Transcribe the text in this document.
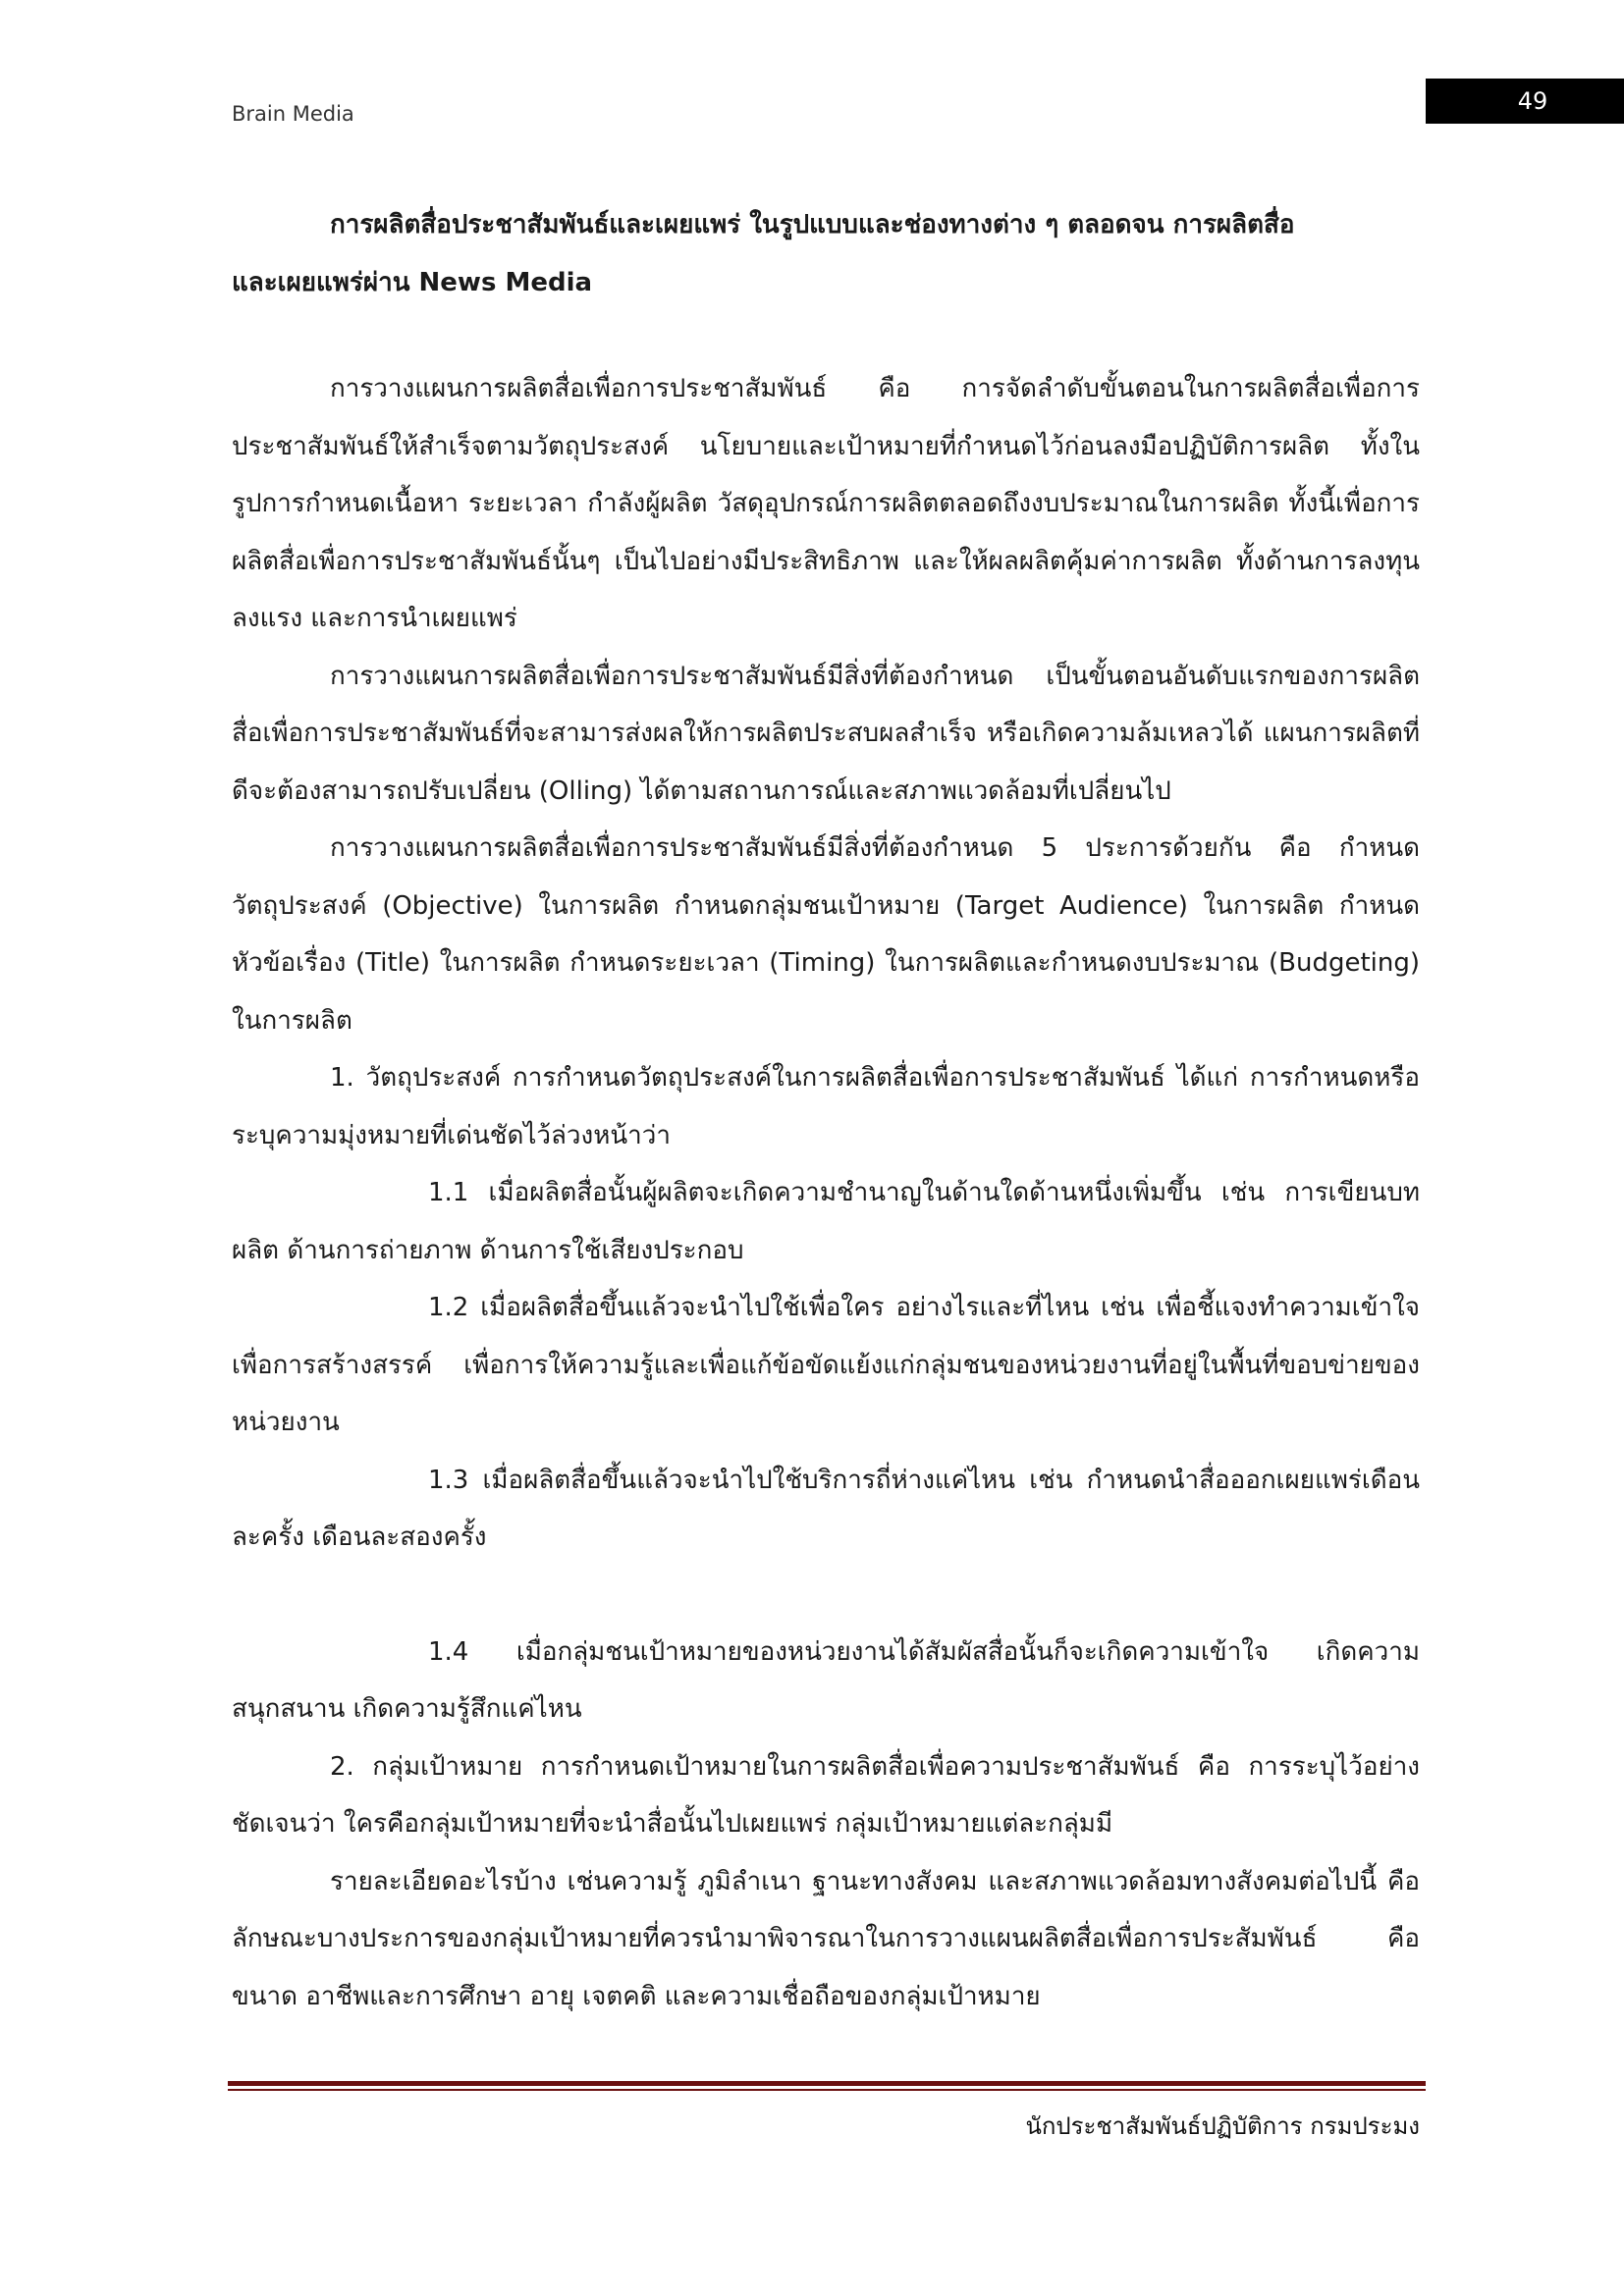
Brain Media	49

การผลิตสื่อประชาสัมพันธ์และเผยแพร่ ในรูปแบบและช่องทางต่าง ๆ ตลอดจน การผลิตสื่อ
และเผยแพร่ผ่าน News Media

การวางแผนการผลิตสื่อเพื่อการประชาสัมพันธ์ คือ การจัดลำดับขั้นตอนในการผลิตสื่อเพื่อการประชาสัมพันธ์ให้สำเร็จตามวัตถุประสงค์ นโยบายและเป้าหมายที่กำหนดไว้ก่อนลงมือปฏิบัติการผลิต ทั้งในรูปการกำหนดเนื้อหา ระยะเวลา กำลังผู้ผลิต วัสดุอุปกรณ์การผลิตตลอดถึงงบประมาณในการผลิต ทั้งนี้เพื่อการผลิตสื่อเพื่อการประชาสัมพันธ์นั้นๆ เป็นไปอย่างมีประสิทธิภาพ และให้ผลผลิตคุ้มค่าการผลิต ทั้งด้านการลงทุนลงแรง และการนำเผยแพร่

การวางแผนการผลิตสื่อเพื่อการประชาสัมพันธ์มีสิ่งที่ต้องกำหนด เป็นขั้นตอนอันดับแรกของการผลิตสื่อเพื่อการประชาสัมพันธ์ที่จะสามารส่งผลให้การผลิตประสบผลสำเร็จ หรือเกิดความล้มเหลวได้ แผนการผลิตที่ดีจะต้องสามารถปรับเปลี่ยน (Olling) ได้ตามสถานการณ์และสภาพแวดล้อมที่เปลี่ยนไป

การวางแผนการผลิตสื่อเพื่อการประชาสัมพันธ์มีสิ่งที่ต้องกำหนด 5 ประการด้วยกัน คือ กำหนดวัตถุประสงค์ (Objective) ในการผลิต กำหนดกลุ่มชนเป้าหมาย (Target Audience) ในการผลิต กำหนดหัวข้อเรื่อง (Title) ในการผลิต กำหนดระยะเวลา (Timing) ในการผลิตและกำหนดงบประมาณ (Budgeting) ในการผลิต

1. วัตถุประสงค์ การกำหนดวัตถุประสงค์ในการผลิตสื่อเพื่อการประชาสัมพันธ์ ได้แก่ การกำหนดหรือระบุความมุ่งหมายที่เด่นชัดไว้ล่วงหน้าว่า

1.1 เมื่อผลิตสื่อนั้นผู้ผลิตจะเกิดความชำนาญในด้านใดด้านหนึ่งเพิ่มขึ้น เช่น การเขียนบทผลิต ด้านการถ่ายภาพ ด้านการใช้เสียงประกอบ

1.2 เมื่อผลิตสื่อขึ้นแล้วจะนำไปใช้เพื่อใคร อย่างไรและที่ไหน เช่น เพื่อชี้แจงทำความเข้าใจ เพื่อการสร้างสรรค์ เพื่อการให้ความรู้และเพื่อแก้ข้อขัดแย้งแก่กลุ่มชนของหน่วยงานที่อยู่ในพื้นที่ขอบข่ายของหน่วยงาน

1.3 เมื่อผลิตสื่อขึ้นแล้วจะนำไปใช้บริการถี่ห่างแค่ไหน เช่น กำหนดนำสื่อออกเผยแพร่เดือนละครั้ง เดือนละสองครั้ง

1.4 เมื่อกลุ่มชนเป้าหมายของหน่วยงานได้สัมผัสสื่อนั้นก็จะเกิดความเข้าใจ เกิดความสนุกสนาน เกิดความรู้สึกแค่ไหน

2. กลุ่มเป้าหมาย การกำหนดเป้าหมายในการผลิตสื่อเพื่อความประชาสัมพันธ์ คือ การระบุไว้อย่างชัดเจนว่า ใครคือกลุ่มเป้าหมายที่จะนำสื่อนั้นไปเผยแพร่ กลุ่มเป้าหมายแต่ละกลุ่มมี

รายละเอียดอะไรบ้าง เช่นความรู้ ภูมิลำเนา ฐานะทางสังคม และสภาพแวดล้อมทางสังคมต่อไปนี้ คือ ลักษณะบางประการของกลุ่มเป้าหมายที่ควรนำมาพิจารณาในการวางแผนผลิตสื่อเพื่อการประสัมพันธ์ คือ ขนาด อาชีพและการศึกษา อายุ เจตคติ และความเชื่อถือของกลุ่มเป้าหมาย

นักประชาสัมพันธ์ปฏิบัติการ กรมประมง
